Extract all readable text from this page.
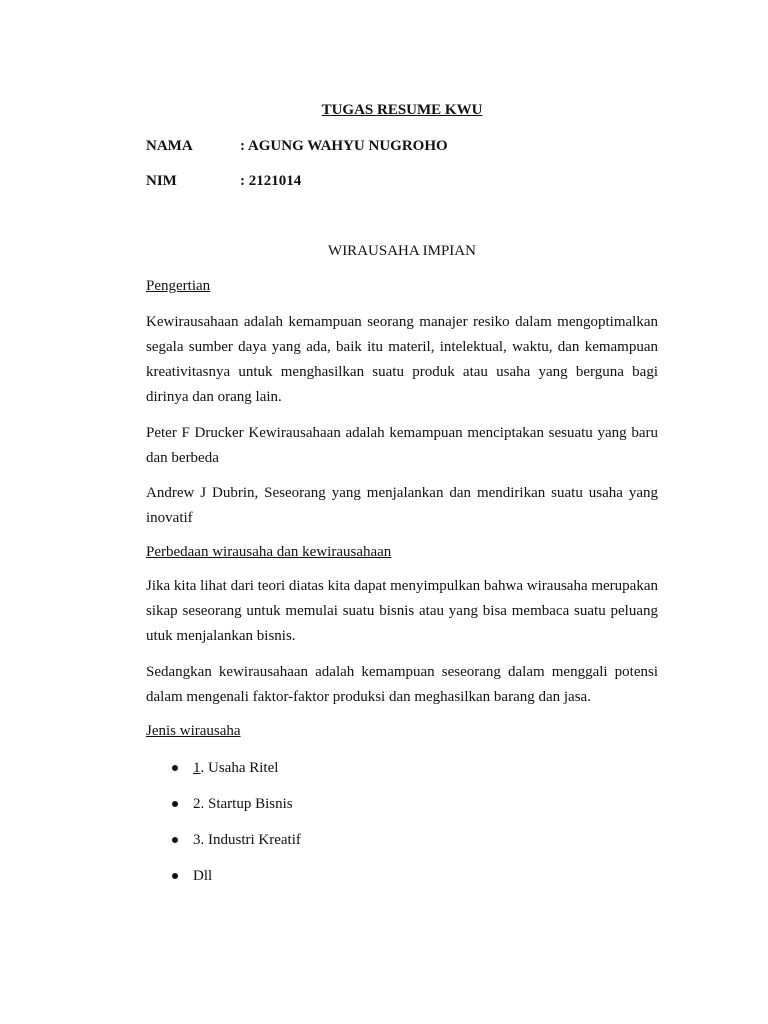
TUGAS RESUME KWU
NAMA	: AGUNG WAHYU NUGROHO
NIM	: 2121014
WIRAUSAHA IMPIAN
Pengertian

Kewirausahaan adalah kemampuan seorang manajer resiko dalam mengoptimalkan segala sumber daya yang ada, baik itu materil, intelektual, waktu, dan kemampuan kreativitasnya untuk menghasilkan suatu produk atau usaha yang berguna bagi dirinya dan orang lain.

Peter F Drucker Kewirausahaan adalah kemampuan menciptakan sesuatu yang baru dan berbeda

Andrew J Dubrin, Seseorang yang menjalankan dan mendirikan suatu usaha yang inovatif

Perbedaan wirausaha dan kewirausahaan

Jika kita lihat dari teori diatas kita dapat menyimpulkan bahwa wirausaha merupakan sikap seseorang untuk memulai suatu bisnis atau yang bisa membaca suatu peluang utuk menjalankan bisnis.

Sedangkan kewirausahaan adalah kemampuan seseorang dalam menggali potensi dalam mengenali faktor-faktor produksi dan meghasilkan barang dan jasa.

Jenis wirausaha
1. Usaha Ritel
2. Startup Bisnis
3. Industri Kreatif
Dll
